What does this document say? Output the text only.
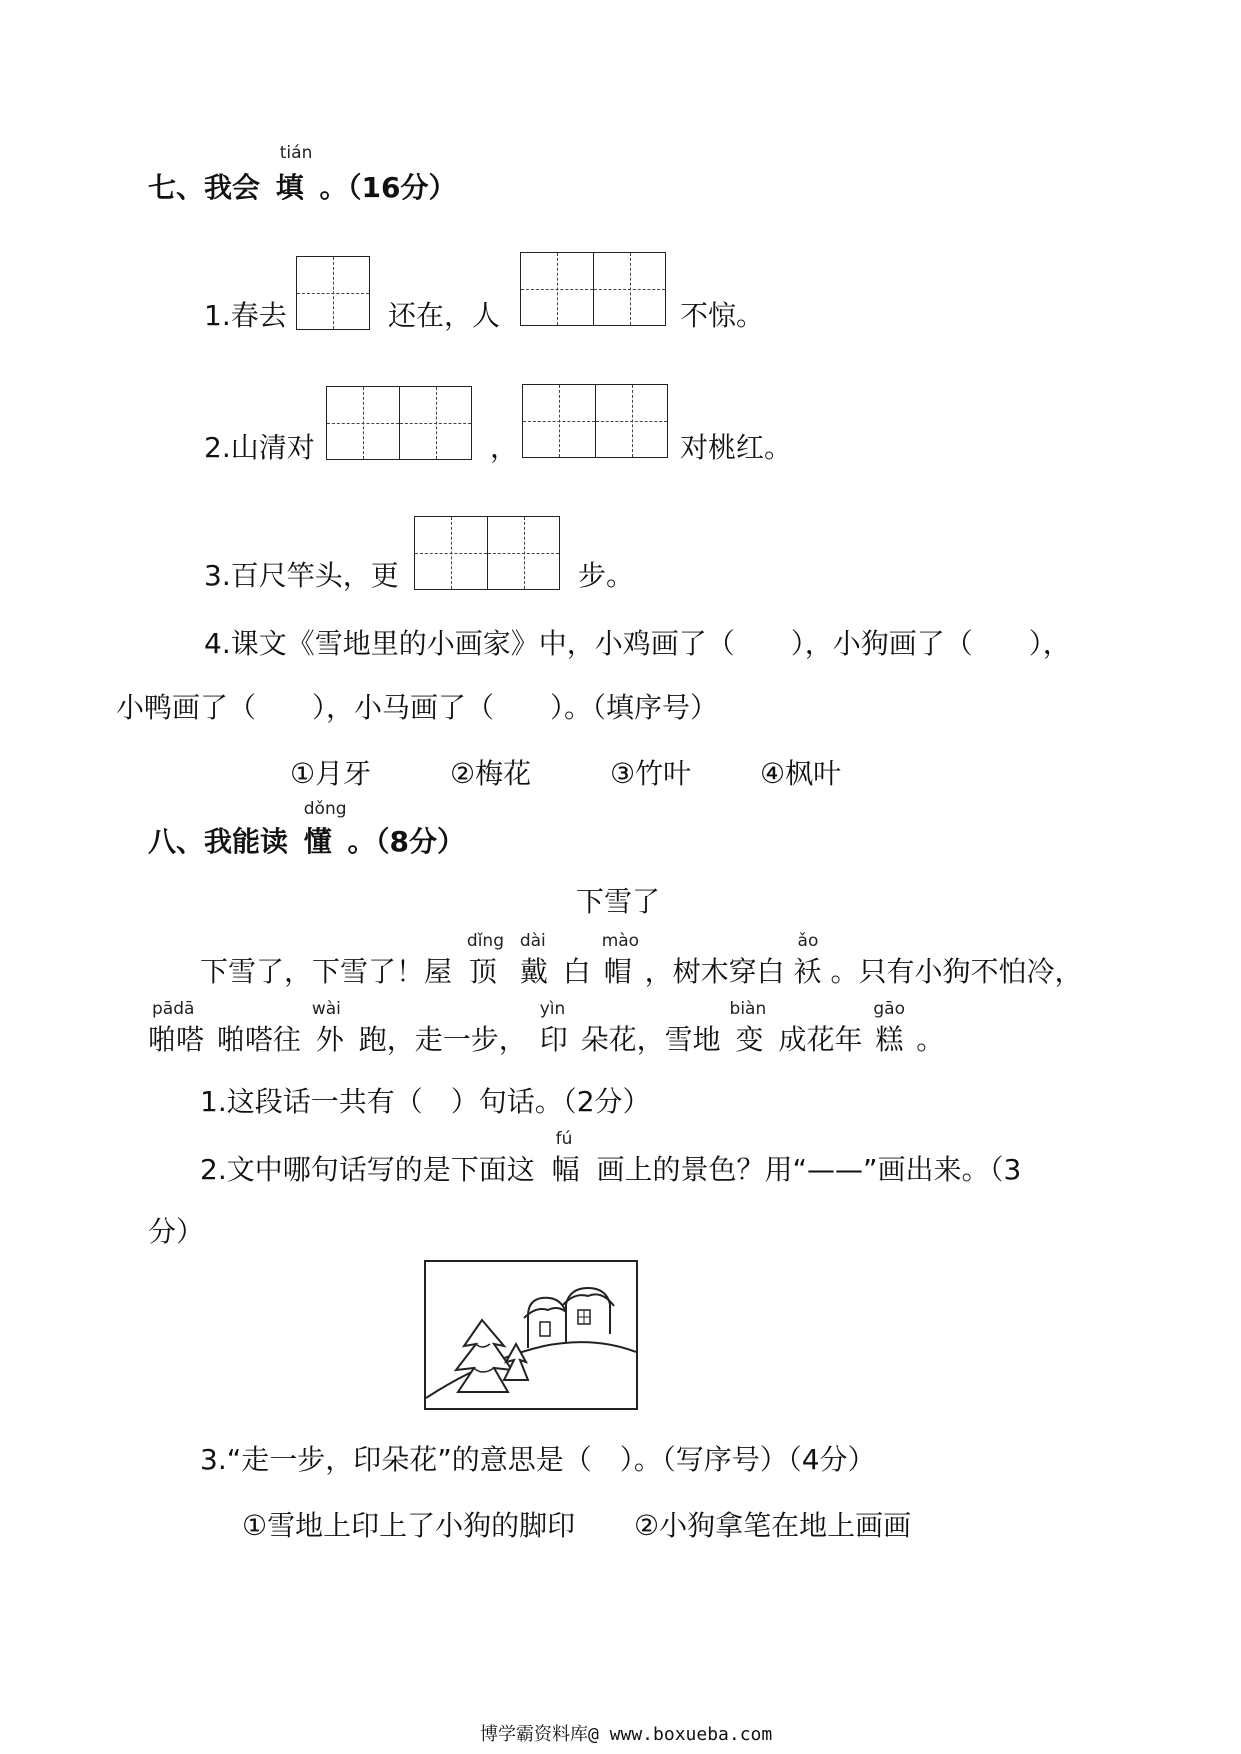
七、我会
tián
填 。（16分）
1.春去	还在，人	不惊。
2.山清对	，	对桃红。
3.百尺竿头，更	步。
4.课文《雪地里的小画家》中，小鸡画了（　　），小狗画了（　　），
小鸭画了（　　），小马画了（　　）。（填序号）
①月牙	②梅花	③竹叶 ④枫叶
八、我能读
dǒng
懂 。（8分）
下雪了
下雪了，下雪了！屋
dǐng
顶
dài
戴 白
mào
帽 ，树木穿白
ǎo
袄 。只有小狗不怕冷，
pādā
啪嗒 啪嗒往
wài
外 跑，走一步，
yìn
印 朵花，雪地
biàn
变 成花年
gāo
糕 。
1.这段话一共有（　）句话。（2分）
2.文中哪句话写的是下面这
fú
幅 画上的景色？用“——”画出来。（3
分）
3.“走一步，印朵花”的意思是（　）。（写序号）（4分）
①雪地上印上了小狗的脚印 ②小狗拿笔在地上画画
博学霸资料库@ www.boxueba.com
